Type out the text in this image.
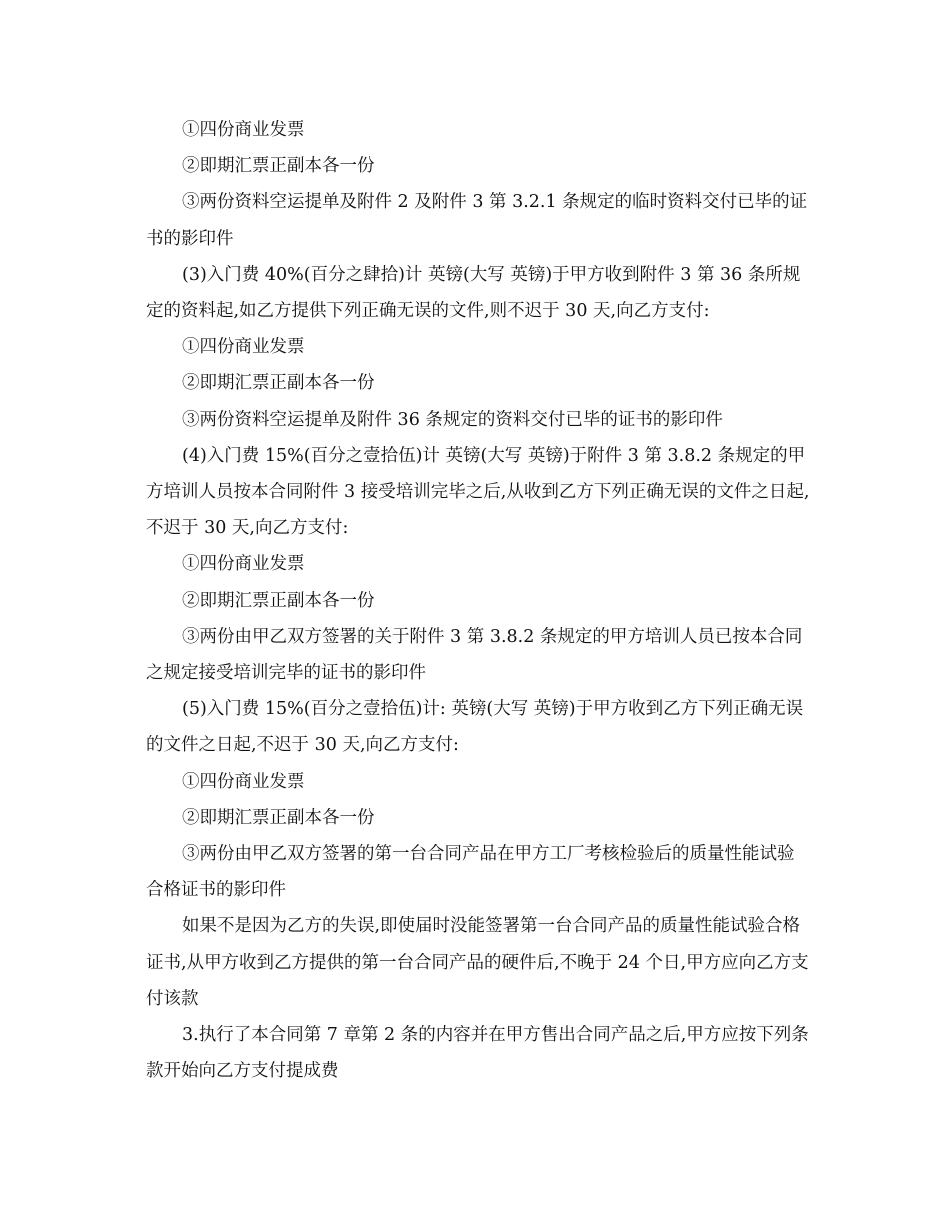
①四份商业发票

②即期汇票正副本各一份

③两份资料空运提单及附件 2 及附件 3 第 3.2.1 条规定的临时资料交付已毕的证书的影印件

(3)入门费 40%(百分之肆拾)计 英镑(大写 英镑)于甲方收到附件 3 第 36 条所规定的资料起,如乙方提供下列正确无误的文件,则不迟于 30 天,向乙方支付:

①四份商业发票

②即期汇票正副本各一份

③两份资料空运提单及附件 36 条规定的资料交付已毕的证书的影印件

(4)入门费 15%(百分之壹拾伍)计 英镑(大写 英镑)于附件 3 第 3.8.2 条规定的甲方培训人员按本合同附件 3 接受培训完毕之后,从收到乙方下列正确无误的文件之日起,不迟于 30 天,向乙方支付:

①四份商业发票

②即期汇票正副本各一份

③两份由甲乙双方签署的关于附件 3 第 3.8.2 条规定的甲方培训人员已按本合同之规定接受培训完毕的证书的影印件

(5)入门费 15%(百分之壹拾伍)计: 英镑(大写 英镑)于甲方收到乙方下列正确无误的文件之日起,不迟于 30 天,向乙方支付:

①四份商业发票

②即期汇票正副本各一份

③两份由甲乙双方签署的第一台合同产品在甲方工厂考核检验后的质量性能试验合格证书的影印件

如果不是因为乙方的失误,即使届时没能签署第一台合同产品的质量性能试验合格证书,从甲方收到乙方提供的第一台合同产品的硬件后,不晚于 24 个日,甲方应向乙方支付该款

3.执行了本合同第 7 章第 2 条的内容并在甲方售出合同产品之后,甲方应按下列条款开始向乙方支付提成费
